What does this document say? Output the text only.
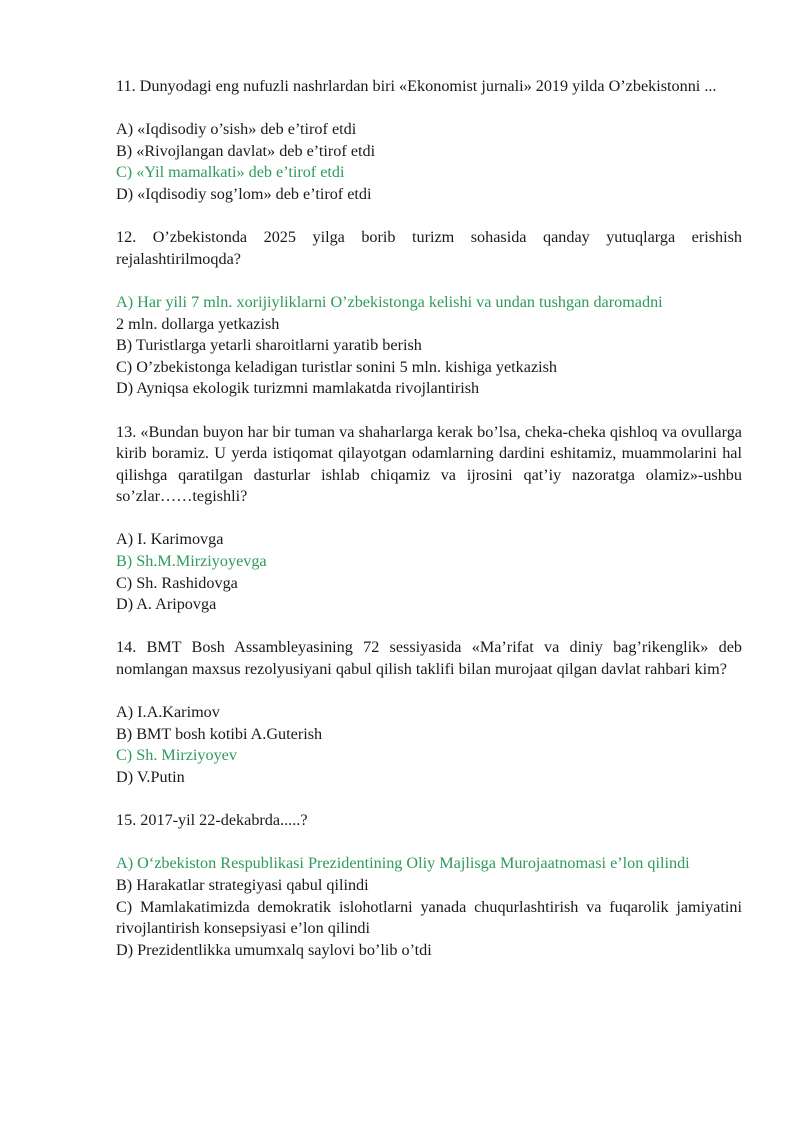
11. Dunyodagi eng nufuzli nashrlardan biri «Ekonomist jurnali» 2019 yilda O’zbekistonni ...

A) «Iqdisodiy o’sish» deb e’tirof etdi
B) «Rivojlangan davlat» deb e’tirof etdi
C) «Yil mamalkati» deb e’tirof etdi
D) «Iqdisodiy sog’lom» deb e’tirof etdi

12. O’zbekistonda 2025 yilga borib turizm sohasida qanday yutuqlarga erishish rejalashtirilmoqda?

A) Har yili 7 mln. xorijiyliklarni O’zbekistonga kelishi va undan tushgan daromadni
2 mln. dollarga yetkazish
B) Turistlarga yetarli sharoitlarni yaratib berish
C) O’zbekistonga keladigan turistlar sonini 5 mln. kishiga yetkazish
D) Ayniqsa ekologik turizmni mamlakatda rivojlantirish

13. «Bundan buyon har bir tuman va shaharlarga kerak bo’lsa, cheka-cheka qishloq va ovullarga kirib boramiz. U yerda istiqomat qilayotgan odamlarning dardini eshitamiz, muammolarini hal qilishga qaratilgan dasturlar ishlab chiqamiz va ijrosini qat’iy nazoratga olamiz»-ushbu so’zlar……tegishli?

A) I. Karimovga
B) Sh.M.Mirziyoyevga
C) Sh. Rashidovga
D) A. Aripovga

14. BMT Bosh Assambleyasining 72 sessiyasida «Ma’rifat va diniy bag’rikenglik» deb nomlangan maxsus rezolyusiyani qabul qilish taklifi bilan murojaat qilgan davlat rahbari kim?

A) I.A.Karimov
B) BMT bosh kotibi A.Guterish
C) Sh. Mirziyoyev
D) V.Putin

15. 2017-yil 22-dekabrda.....?

A) O‘zbekiston Respublikasi Prezidentining Oliy Majlisga Murojaatnomasi e’lon qilindi
B) Harakatlar strategiyasi qabul qilindi
C) Mamlakatimizda demokratik islohotlarni yanada chuqurlashtirish va fuqarolik jamiyatini rivojlantirish konsepsiyasi e’lon qilindi
D) Prezidentlikka umumxalq saylovi bo’lib o’tdi
